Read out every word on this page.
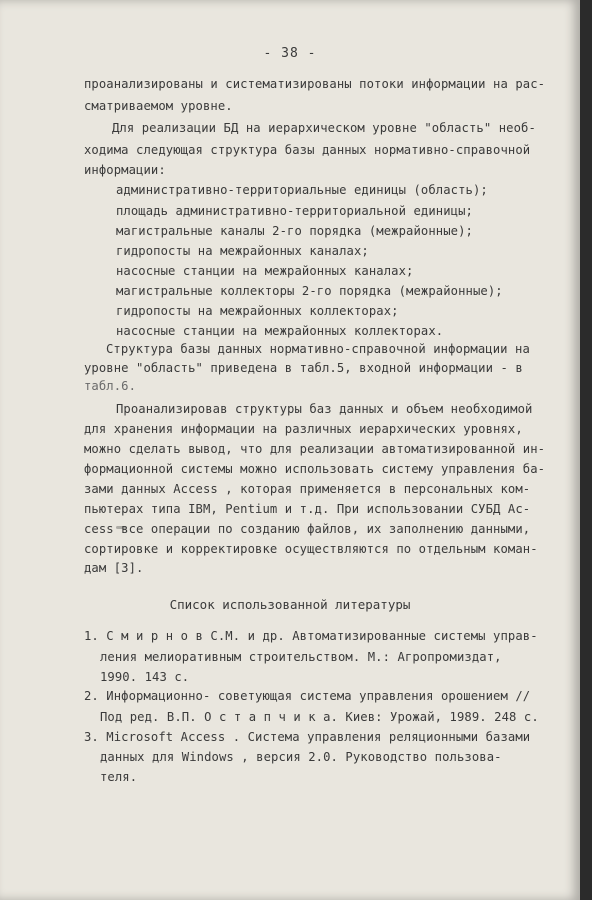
- 38 -
проанализированы и систематизированы потоки информации на рас-
сматриваемом уровне.
Для реализации БД на иерархическом уровне "область" необ-
ходима следующая структура базы данных нормативно-справочной
информации:
административно-территориальные единицы (область);
площадь административно-территориальной единицы;
магистральные каналы 2-го порядка (межрайонные);
гидропосты на межрайонных каналах;
насосные станции на межрайонных каналах;
магистральные коллекторы 2-го порядка (межрайонные);
гидропосты на межрайонных коллекторах;
насосные станции на межрайонных коллекторах.
Структура базы данных нормативно-справочной информации на
уровне "область" приведена в табл.5, входной информации - в
табл.6.
Проанализировав структуры баз данных и объем необходимой
для хранения информации на различных иерархических уровнях,
можно сделать вывод, что для реализации автоматизированной ин-
формационной системы можно использовать систему управления ба-
зами данных Access , которая применяется в персональных ком-
пьютерах типа IBM, Pentium и т.д. При использовании СУБД Ac-
cess все операции по созданию файлов, их заполнению данными,
сортировке и корректировке осуществляются по отдельным коман-
дам [3].
Список использованной литературы
1. С м и р н о в С.М. и др. Автоматизированные системы управ-
ления мелиоративным строительством. М.: Агропромиздат,
1990. 143 с.
2. Информационно- советующая система управления орошением //
Под ред. В.П. О с т а п ч и к а. Киев: Урожай, 1989. 248 с.
3. Microsoft Access . Система управления реляционными базами
данных для Windows , версия 2.0. Руководство пользова-
теля.
